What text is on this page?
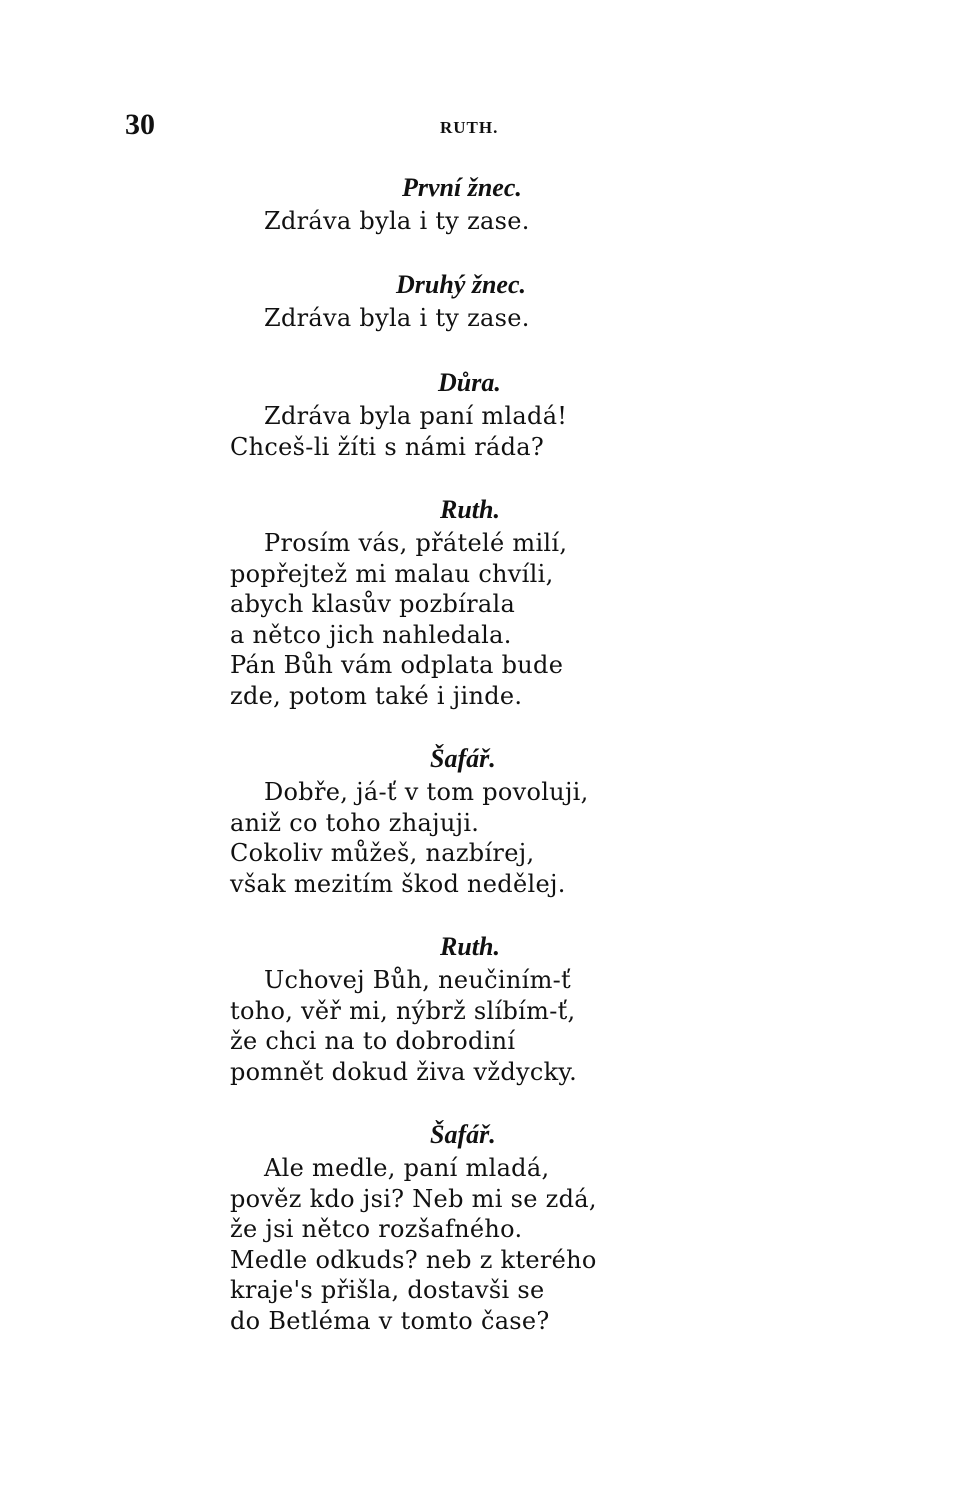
30	RUTH.
První žnec.
Zdráva byla i ty zase.
Druhý žnec.
Zdráva byla i ty zase.
Důra.
Zdráva byla paní mladá!
Chceš-li žíti s námi ráda?
Ruth.
Prosím vás, přátelé milí,
popřejtež mi malau chvíli,
abych klasův pozbírala
a nětco jich nahledala.
Pán Bůh vám odplata bude
zde, potom také i jinde.
Šafář.
Dobře, já-ť v tom povoluji,
aniž co toho zhajuji.
Cokoliv můžeš, nazbírej,
však mezitím škod nedělej.
Ruth.
Uchovej Bůh, neučiním-ť
toho, věř mi, nýbrž slíbím-ť,
že chci na to dobrodiní
pomnět dokud živa vždycky.
Šafář.
Ale medle, paní mladá,
pověz kdo jsi? Neb mi se zdá,
že jsi nětco rozšafného.
Medle odkuds? neb z kterého
kraje's přišla, dostavši se
do Betléma v tomto čase?
